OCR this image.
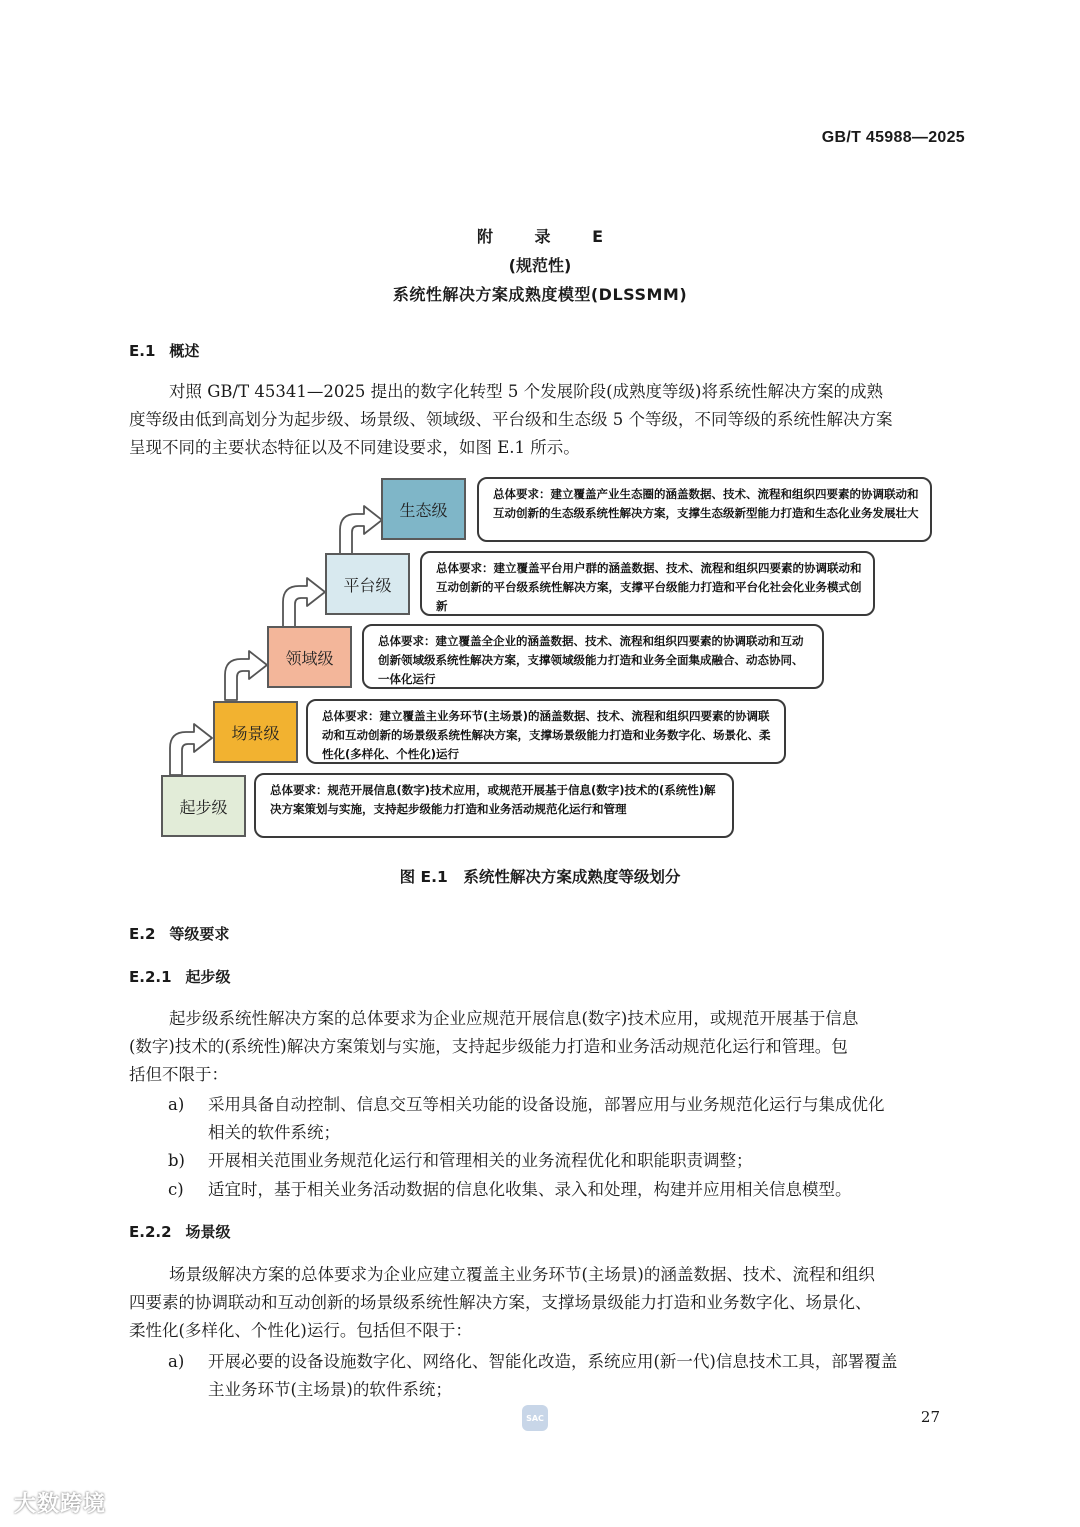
GB/T 45988—2025
附 录 E
(规范性)
系统性解决方案成熟度模型(DLSSMM)
E.1 概述
对照 GB/T 45341—2025 提出的数字化转型 5 个发展阶段(成熟度等级)将系统性解决方案的成熟
度等级由低到高划分为起步级、场景级、领域级、平台级和生态级 5 个等级，不同等级的系统性解决方案
呈现不同的主要状态特征以及不同建设要求，如图 E.1 所示。
起步级
场景级
领域级
平台级
生态级
总体要求：规范开展信息(数字)技术应用，或规范开展基于信息(数字)技术的(系统性)解决方案策划与实施，支持起步级能力打造和业务活动规范化运行和管理
总体要求：建立覆盖主业务环节(主场景)的涵盖数据、技术、流程和组织四要素的协调联动和互动创新的场景级系统性解决方案，支撑场景级能力打造和业务数字化、场景化、柔性化(多样化、个性化)运行
总体要求：建立覆盖全企业的涵盖数据、技术、流程和组织四要素的协调联动和互动创新领域级系统性解决方案，支撑领域级能力打造和业务全面集成融合、动态协同、一体化运行
总体要求：建立覆盖平台用户群的涵盖数据、技术、流程和组织四要素的协调联动和互动创新的平台级系统性解决方案，支撑平台级能力打造和平台化社会化业务模式创新
总体要求：建立覆盖产业生态圈的涵盖数据、技术、流程和组织四要素的协调联动和互动创新的生态级系统性解决方案，支撑生态级新型能力打造和生态化业务发展壮大
图 E.1　系统性解决方案成熟度等级划分
E.2 等级要求
E.2.1 起步级
起步级系统性解决方案的总体要求为企业应规范开展信息(数字)技术应用，或规范开展基于信息
(数字)技术的(系统性)解决方案策划与实施，支持起步级能力打造和业务活动规范化运行和管理。包
括但不限于：
a) 采用具备自动控制、信息交互等相关功能的设备设施，部署应用与业务规范化运行与集成优化
相关的软件系统；
b) 开展相关范围业务规范化运行和管理相关的业务流程优化和职能职责调整；
c) 适宜时，基于相关业务活动数据的信息化收集、录入和处理，构建并应用相关信息模型。
E.2.2 场景级
场景级解决方案的总体要求为企业应建立覆盖主业务环节(主场景)的涵盖数据、技术、流程和组织
四要素的协调联动和互动创新的场景级系统性解决方案，支撑场景级能力打造和业务数字化、场景化、
柔性化(多样化、个性化)运行。包括但不限于：
a) 开展必要的设备设施数字化、网络化、智能化改造，系统应用(新一代)信息技术工具，部署覆盖
主业务环节(主场景)的软件系统；
SAC	27
大数跨境
